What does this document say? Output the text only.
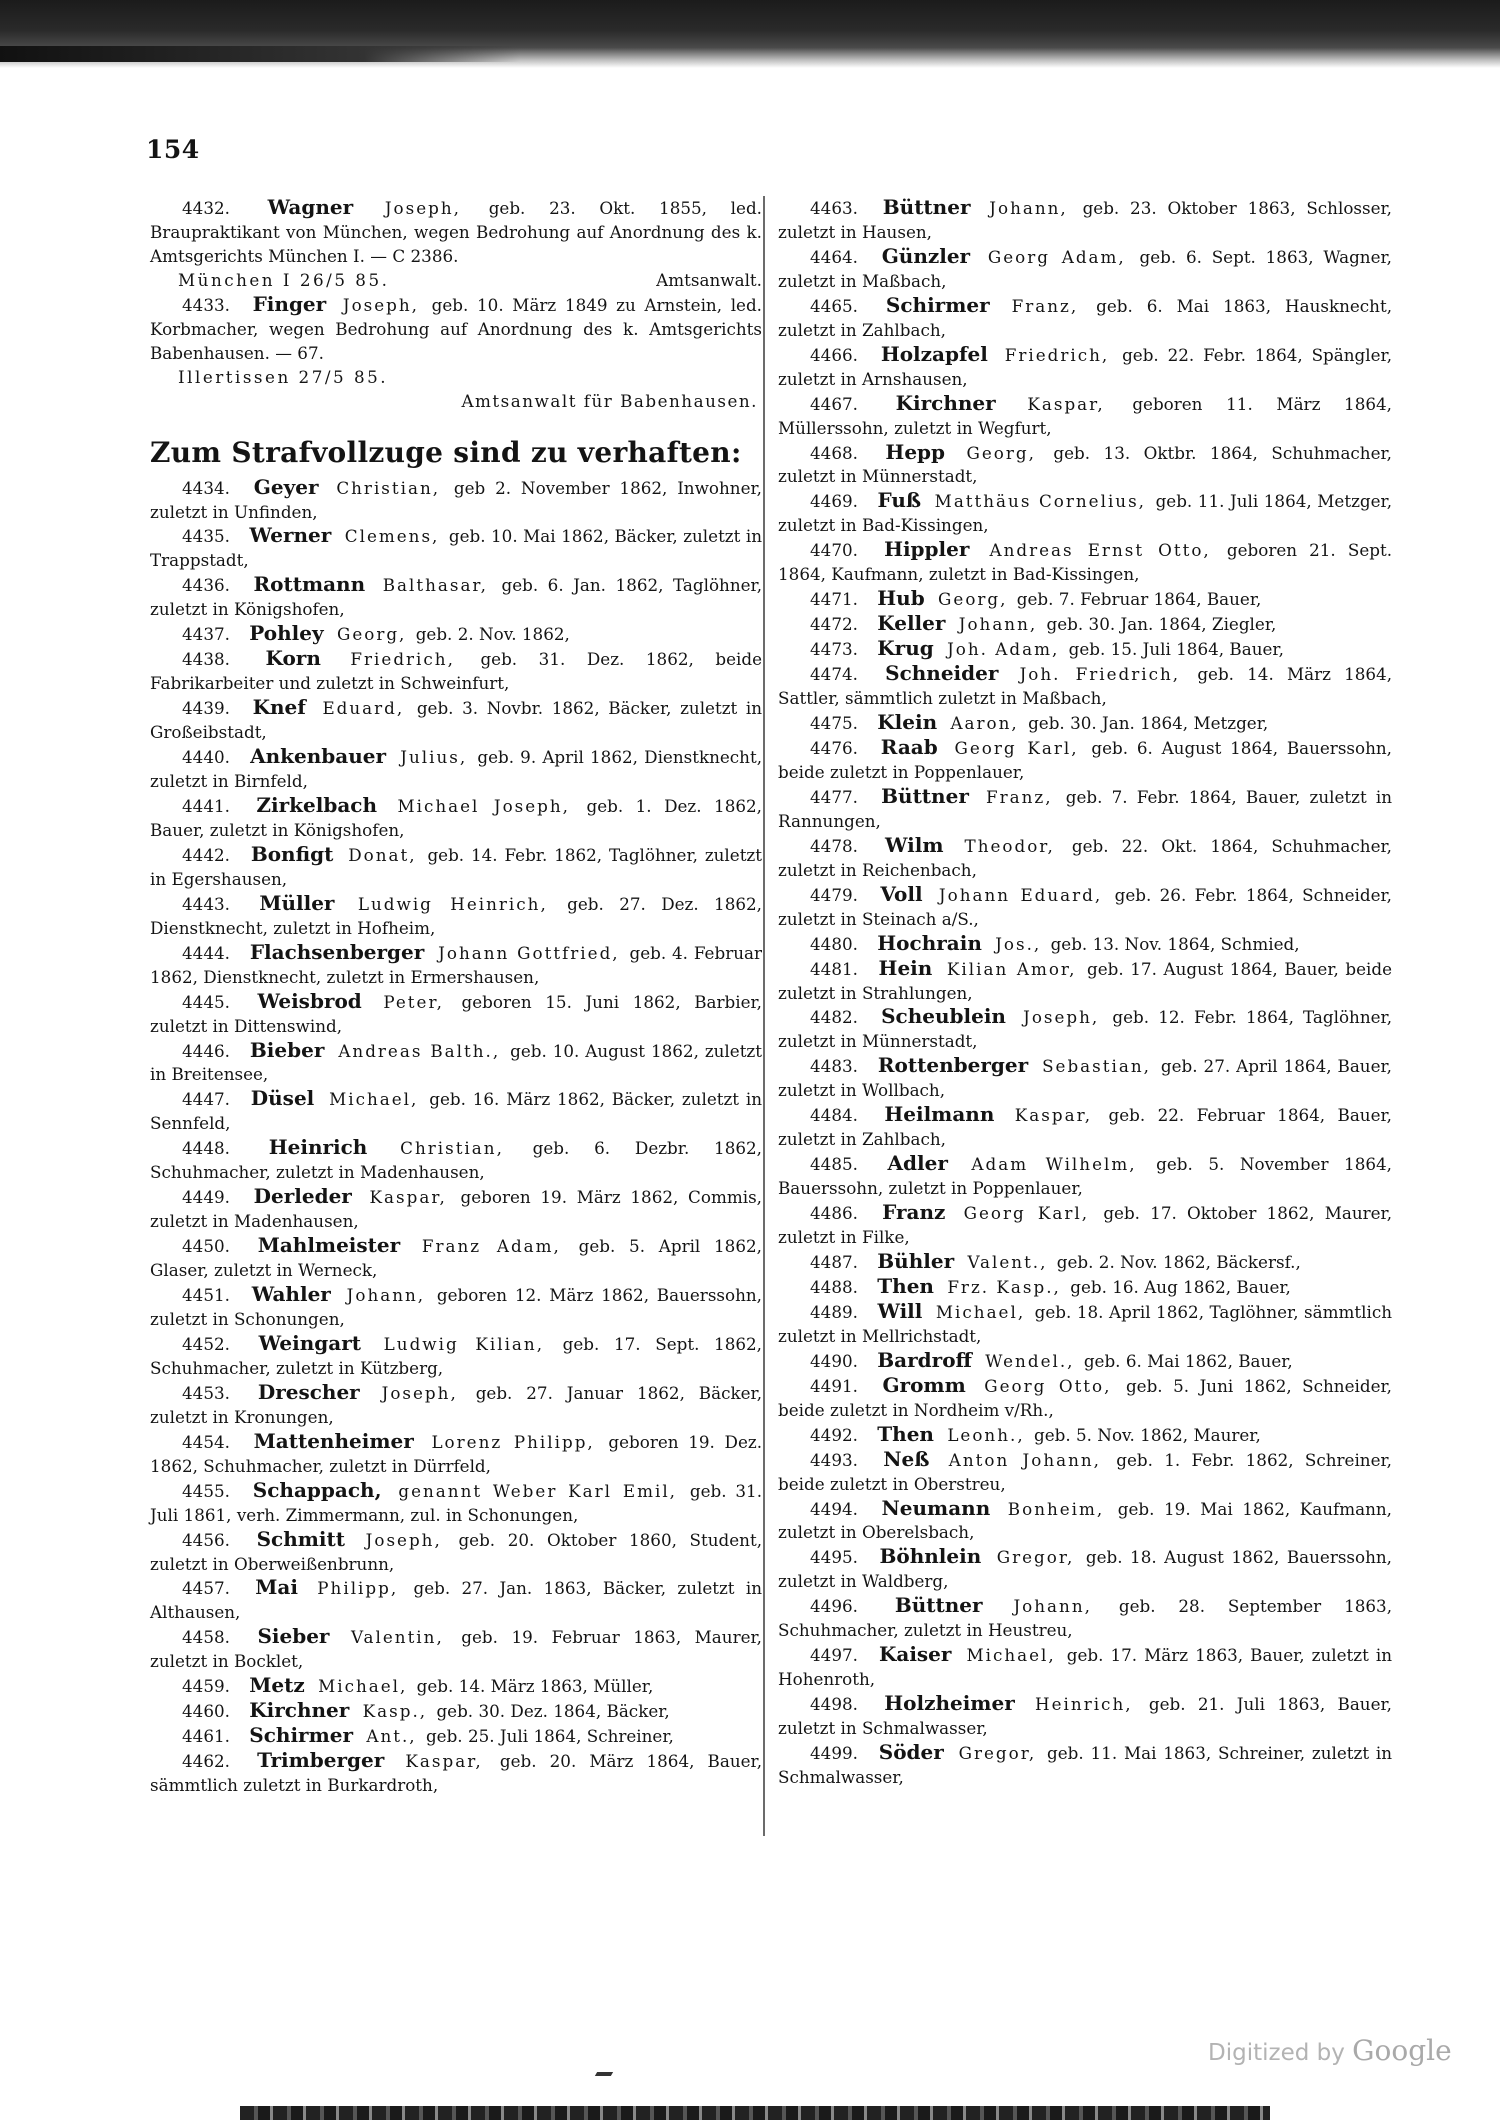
154

4432. Wagner Joseph, geb. 23. Okt. 1855, led. Braupraktikant von München, wegen Bedrohung auf Anordnung des k. Amtsgerichts München I. — C 2386.

München I 26/5 85.	Amtsanwalt.

4433. Finger Joseph, geb. 10. März 1849 zu Arnstein, led. Korbmacher, wegen Bedrohung auf Anordnung des k. Amtsgerichts Babenhausen. — 67.

Illertissen 27/5 85.
Amtsanwalt für Babenhausen.
Zum Strafvollzuge sind zu verhaften:

4434. Geyer Christian, geb 2. November 1862, Inwohner, zuletzt in Unfinden,

4435. Werner Clemens, geb. 10. Mai 1862, Bäcker, zuletzt in Trappstadt,

4436. Rottmann Balthasar, geb. 6. Jan. 1862, Taglöhner, zuletzt in Königshofen,

4437. Pohley Georg, geb. 2. Nov. 1862,

4438. Korn Friedrich, geb. 31. Dez. 1862, beide Fabrikarbeiter und zuletzt in Schweinfurt,

4439. Knef Eduard, geb. 3. Novbr. 1862, Bäcker, zuletzt in Großeibstadt,

4440. Ankenbauer Julius, geb. 9. April 1862, Dienstknecht, zuletzt in Birnfeld,

4441. Zirkelbach Michael Joseph, geb. 1. Dez. 1862, Bauer, zuletzt in Königshofen,

4442. Bonfigt Donat, geb. 14. Febr. 1862, Taglöhner, zuletzt in Egershausen,

4443. Müller Ludwig Heinrich, geb. 27. Dez. 1862, Dienstknecht, zuletzt in Hofheim,

4444. Flachsenberger Johann Gottfried, geb. 4. Februar 1862, Dienstknecht, zuletzt in Ermershausen,

4445. Weisbrod Peter, geboren 15. Juni 1862, Barbier, zuletzt in Dittenswind,

4446. Bieber Andreas Balth., geb. 10. August 1862, zuletzt in Breitensee,

4447. Düsel Michael, geb. 16. März 1862, Bäcker, zuletzt in Sennfeld,

4448. Heinrich Christian, geb. 6. Dezbr. 1862, Schuhmacher, zuletzt in Madenhausen,

4449. Derleder Kaspar, geboren 19. März 1862, Commis, zuletzt in Madenhausen,

4450. Mahlmeister Franz Adam, geb. 5. April 1862, Glaser, zuletzt in Werneck,

4451. Wahler Johann, geboren 12. März 1862, Bauerssohn, zuletzt in Schonungen,

4452. Weingart Ludwig Kilian, geb. 17. Sept. 1862, Schuhmacher, zuletzt in Kützberg,

4453. Drescher Joseph, geb. 27. Januar 1862, Bäcker, zuletzt in Kronungen,

4454. Mattenheimer Lorenz Philipp, geboren 19. Dez. 1862, Schuhmacher, zuletzt in Dürrfeld,

4455. Schappach, genannt Weber Karl Emil, geb. 31. Juli 1861, verh. Zimmermann, zul. in Schonungen,

4456. Schmitt Joseph, geb. 20. Oktober 1860, Student, zuletzt in Oberweißenbrunn,

4457. Mai Philipp, geb. 27. Jan. 1863, Bäcker, zuletzt in Althausen,

4458. Sieber Valentin, geb. 19. Februar 1863, Maurer, zuletzt in Bocklet,

4459. Metz Michael, geb. 14. März 1863, Müller,

4460. Kirchner Kasp., geb. 30. Dez. 1864, Bäcker,

4461. Schirmer Ant., geb. 25. Juli 1864, Schreiner,

4462. Trimberger Kaspar, geb. 20. März 1864, Bauer, sämmtlich zuletzt in Burkardroth,

4463. Büttner Johann, geb. 23. Oktober 1863, Schlosser, zuletzt in Hausen,

4464. Günzler Georg Adam, geb. 6. Sept. 1863, Wagner, zuletzt in Maßbach,

4465. Schirmer Franz, geb. 6. Mai 1863, Hausknecht, zuletzt in Zahlbach,

4466. Holzapfel Friedrich, geb. 22. Febr. 1864, Spängler, zuletzt in Arnshausen,

4467. Kirchner Kaspar, geboren 11. März 1864, Müllerssohn, zuletzt in Wegfurt,

4468. Hepp Georg, geb. 13. Oktbr. 1864, Schuhmacher, zuletzt in Münnerstadt,

4469. Fuß Matthäus Cornelius, geb. 11. Juli 1864, Metzger, zuletzt in Bad-Kissingen,

4470. Hippler Andreas Ernst Otto, geboren 21. Sept. 1864, Kaufmann, zuletzt in Bad-Kissingen,

4471. Hub Georg, geb. 7. Februar 1864, Bauer,

4472. Keller Johann, geb. 30. Jan. 1864, Ziegler,

4473. Krug Joh. Adam, geb. 15. Juli 1864, Bauer,

4474. Schneider Joh. Friedrich, geb. 14. März 1864, Sattler, sämmtlich zuletzt in Maßbach,

4475. Klein Aaron, geb. 30. Jan. 1864, Metzger,

4476. Raab Georg Karl, geb. 6. August 1864, Bauerssohn, beide zuletzt in Poppenlauer,

4477. Büttner Franz, geb. 7. Febr. 1864, Bauer, zuletzt in Rannungen,

4478. Wilm Theodor, geb. 22. Okt. 1864, Schuhmacher, zuletzt in Reichenbach,

4479. Voll Johann Eduard, geb. 26. Febr. 1864, Schneider, zuletzt in Steinach a/S.,

4480. Hochrain Jos., geb. 13. Nov. 1864, Schmied,

4481. Hein Kilian Amor, geb. 17. August 1864, Bauer, beide zuletzt in Strahlungen,

4482. Scheublein Joseph, geb. 12. Febr. 1864, Taglöhner, zuletzt in Münnerstadt,

4483. Rottenberger Sebastian, geb. 27. April 1864, Bauer, zuletzt in Wollbach,

4484. Heilmann Kaspar, geb. 22. Februar 1864, Bauer, zuletzt in Zahlbach,

4485. Adler Adam Wilhelm, geb. 5. November 1864, Bauerssohn, zuletzt in Poppenlauer,

4486. Franz Georg Karl, geb. 17. Oktober 1862, Maurer, zuletzt in Filke,

4487. Bühler Valent., geb. 2. Nov. 1862, Bäckersf.,

4488. Then Frz. Kasp., geb. 16. Aug 1862, Bauer,

4489. Will Michael, geb. 18. April 1862, Taglöhner, sämmtlich zuletzt in Mellrichstadt,

4490. Bardroff Wendel., geb. 6. Mai 1862, Bauer,

4491. Gromm Georg Otto, geb. 5. Juni 1862, Schneider, beide zuletzt in Nordheim v/Rh.,

4492. Then Leonh., geb. 5. Nov. 1862, Maurer,

4493. Neß Anton Johann, geb. 1. Febr. 1862, Schreiner, beide zuletzt in Oberstreu,

4494. Neumann Bonheim, geb. 19. Mai 1862, Kaufmann, zuletzt in Oberelsbach,

4495. Böhnlein Gregor, geb. 18. August 1862, Bauerssohn, zuletzt in Waldberg,

4496. Büttner Johann, geb. 28. September 1863, Schuhmacher, zuletzt in Heustreu,

4497. Kaiser Michael, geb. 17. März 1863, Bauer, zuletzt in Hohenroth,

4498. Holzheimer Heinrich, geb. 21. Juli 1863, Bauer, zuletzt in Schmalwasser,

4499. Söder Gregor, geb. 11. Mai 1863, Schreiner, zuletzt in Schmalwasser,

Digitized by Google
